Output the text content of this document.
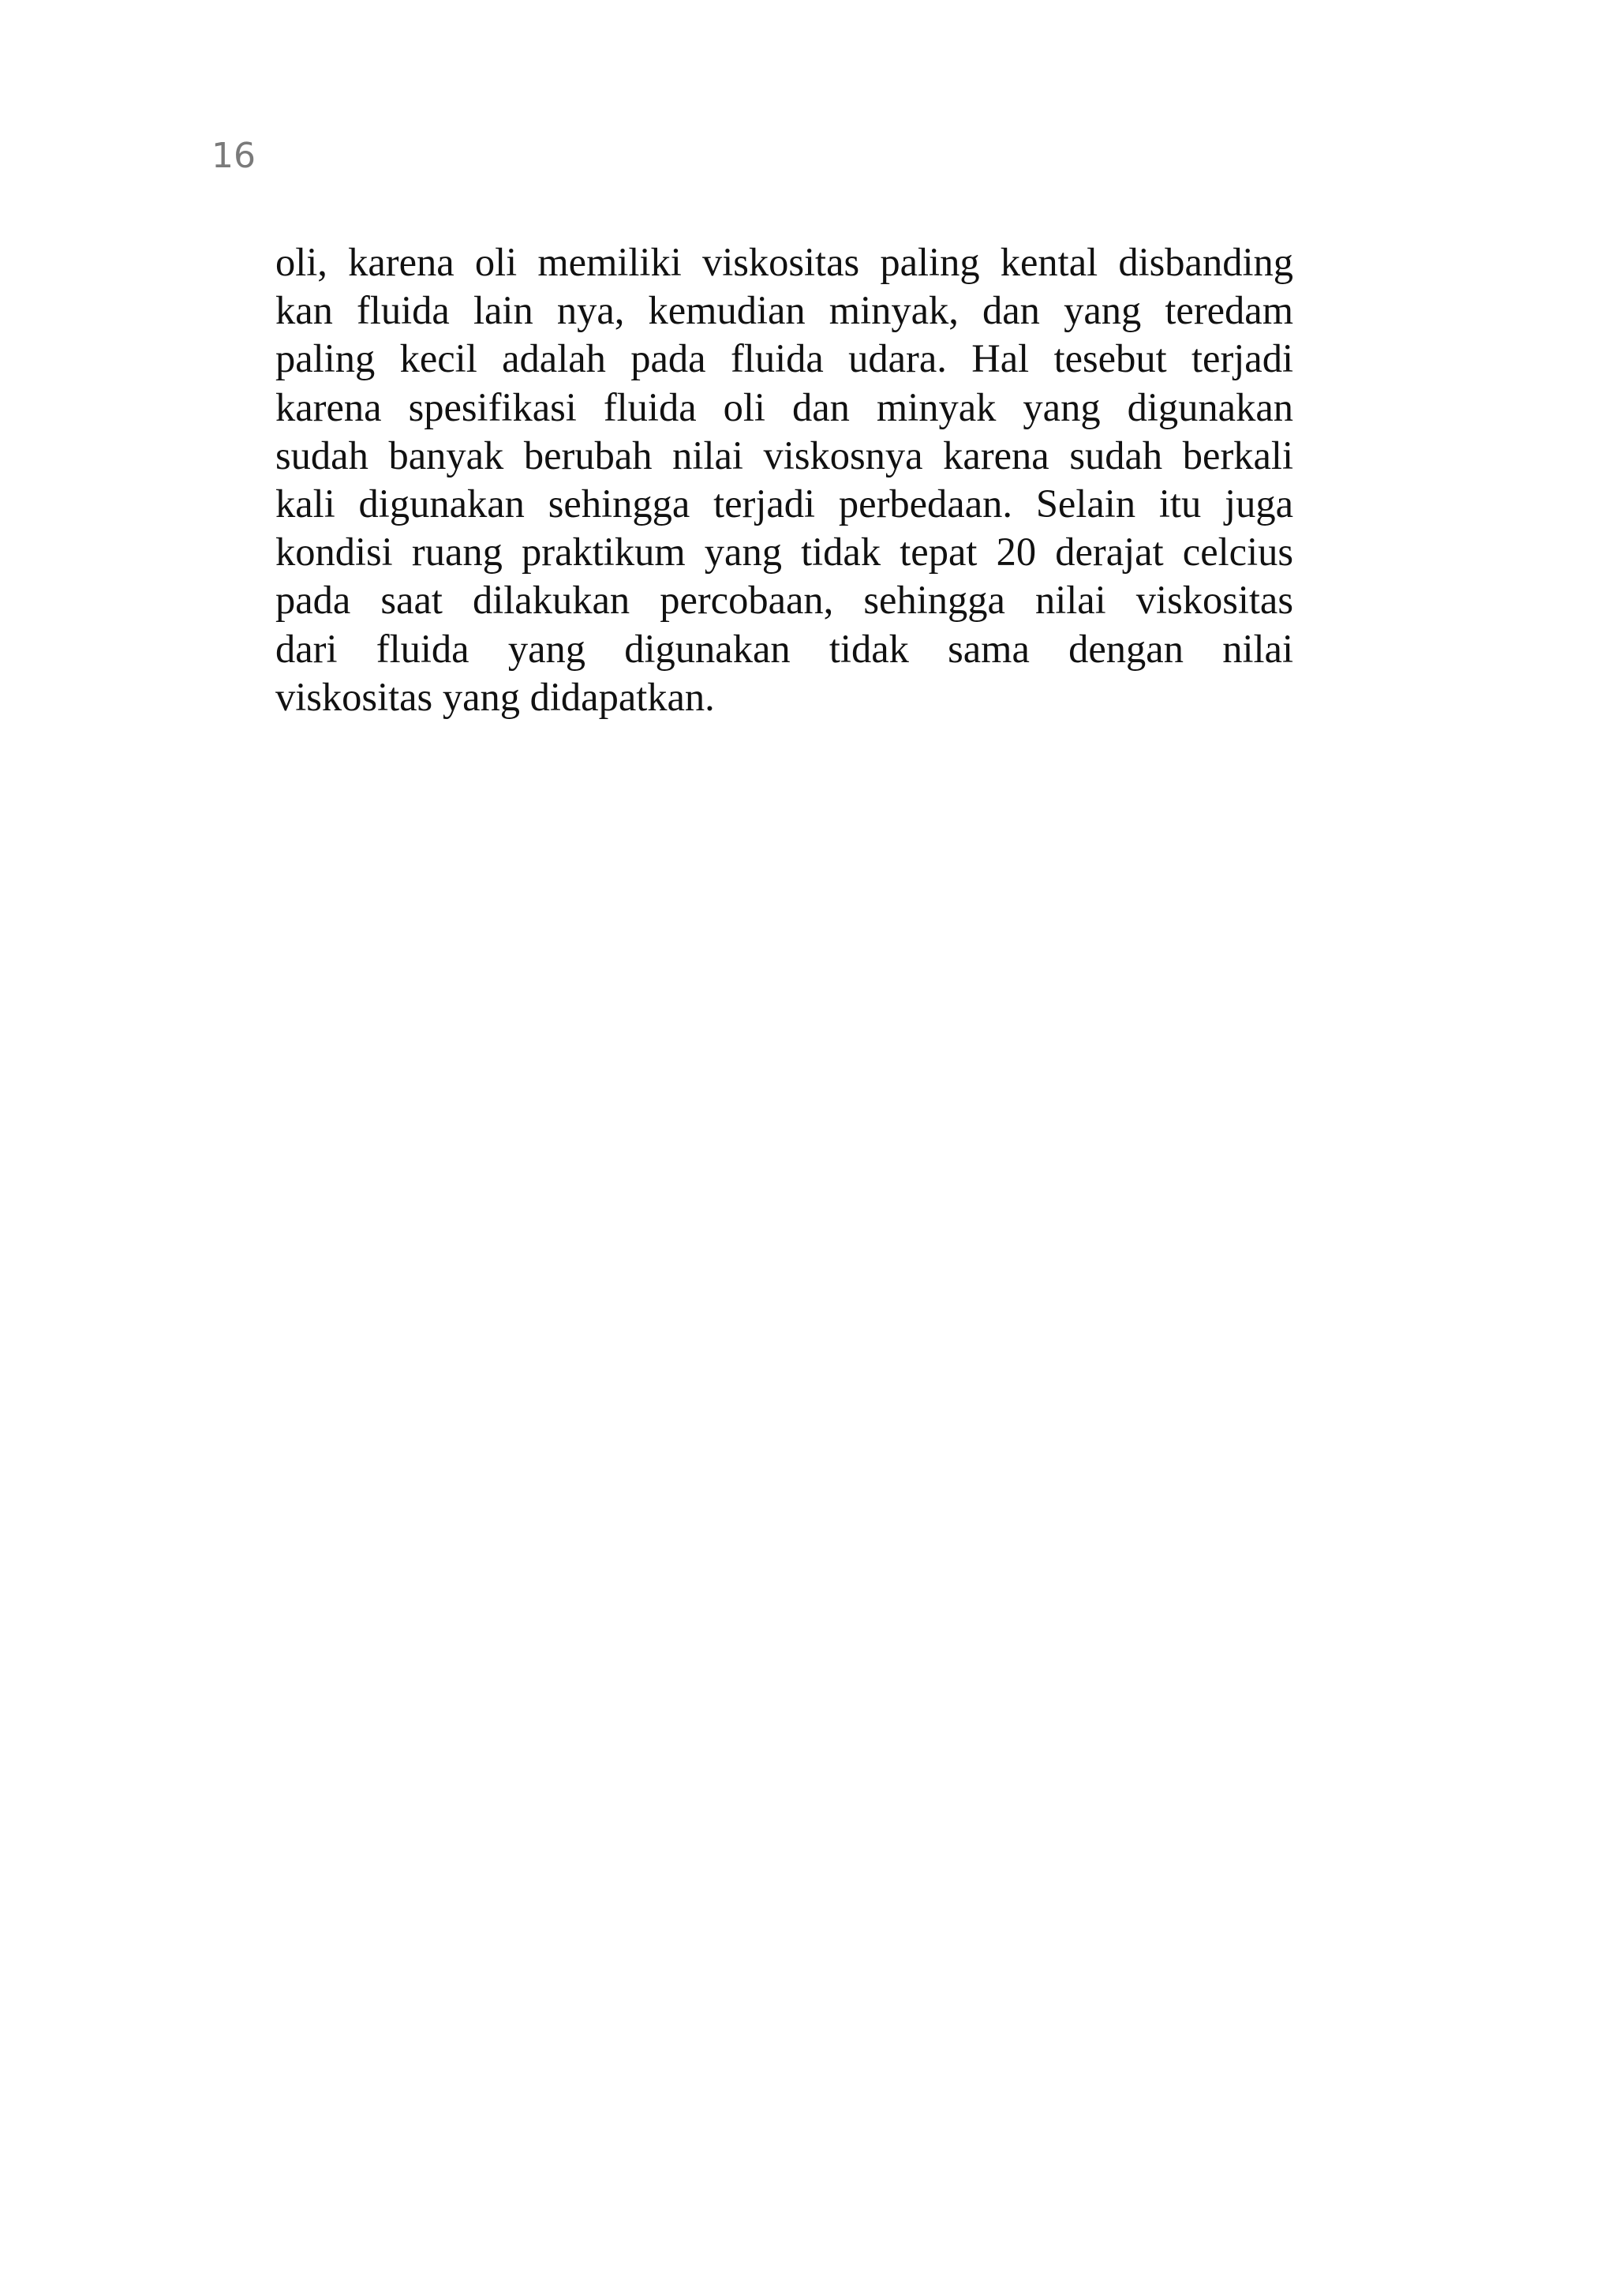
16
oli, karena oli memiliki viskositas paling kental disbanding
kan fluida lain nya, kemudian minyak, dan yang teredam
paling kecil adalah pada fluida udara. Hal tesebut terjadi
karena spesifikasi fluida oli dan minyak yang digunakan
sudah banyak berubah nilai viskosnya karena sudah berkali
kali digunakan sehingga terjadi perbedaan. Selain itu juga
kondisi ruang praktikum yang tidak tepat 20 derajat celcius
pada saat dilakukan percobaan, sehingga nilai viskositas
dari fluida yang digunakan tidak sama dengan nilai
viskositas yang didapatkan.
